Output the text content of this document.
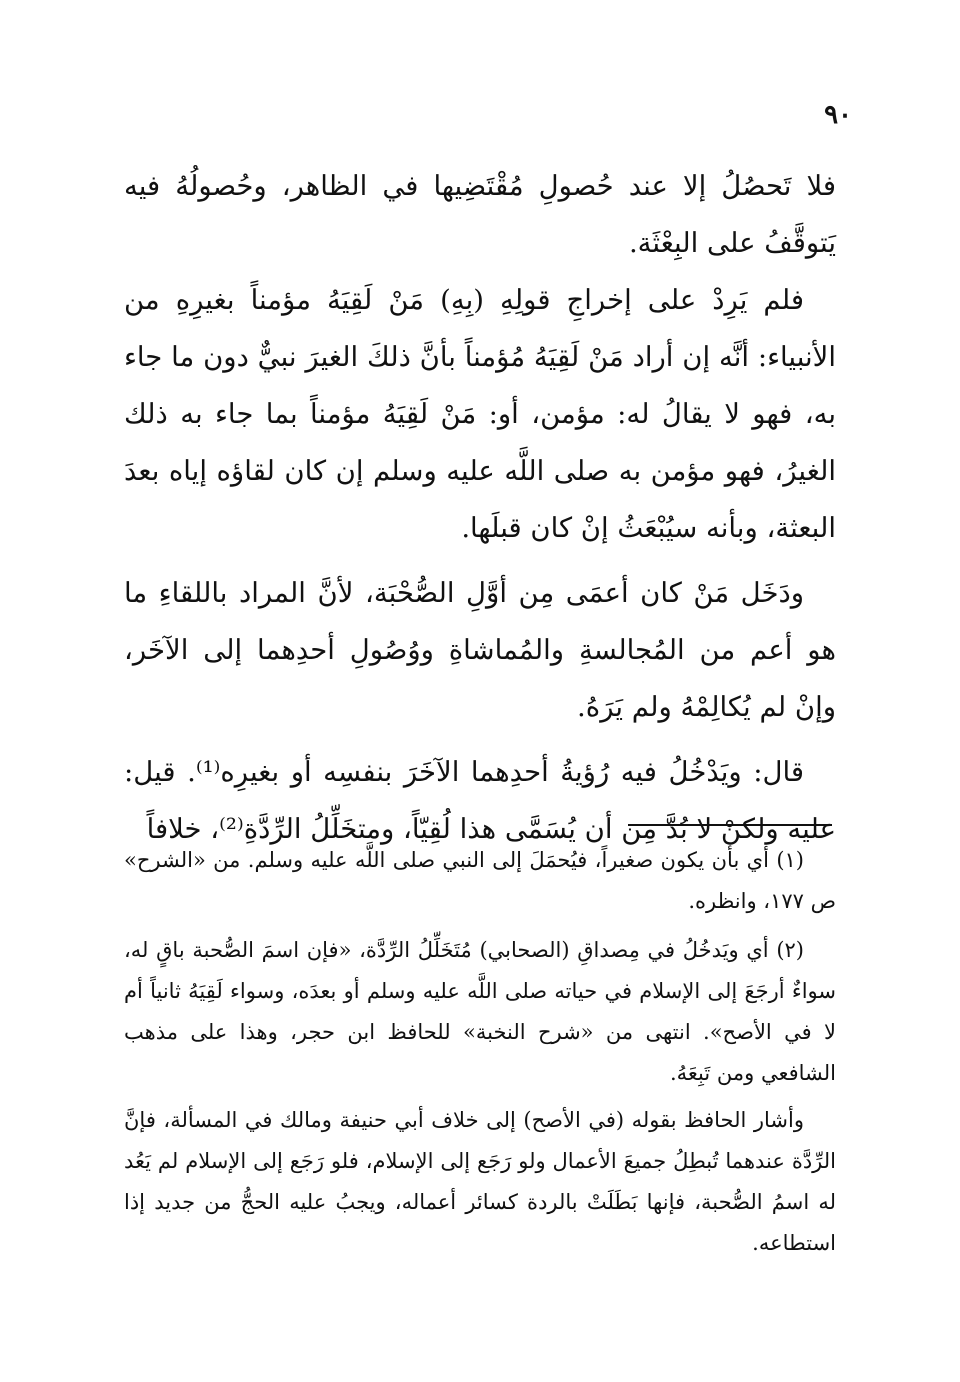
٩٠

فلا تَحصُلُ إلا عند حُصولِ مُقْتَضِيها في الظاهر، وحُصولُهُ فيه يَتوقَّفُ على البِعْثَة.

فلم يَرِدْ على إخراجِ قولِهِ (بِهِ) مَنْ لَقِيَهُ مؤمناً بغيرِهِ من الأنبياء: أنَّه إن أراد مَنْ لَقِيَهُ مُؤمناً بأنَّ ذلكَ الغيرَ نبيٌّ دون ما جاء به، فهو لا يقالُ له: مؤمن، أو: مَنْ لَقِيَهُ مؤمناً بما جاء به ذلك الغيرُ، فهو مؤمن به صلى اللَّه عليه وسلم إن كان لقاؤه إياه بعدَ البعثة، وبأنه سيُبْعَثُ إنْ كان قبلَها.

ودَخَل مَنْ كان أعمَى مِن أوَّلِ الصُّحْبَة، لأنَّ المراد باللقاءِ ما هو أعم من المُجالسةِ والمُماشاةِ ووُصُولِ أحدِهما إلى الآخَر، وإنْ لم يُكالِمْهُ ولم يَرَهُ.

قال: ويَدْخُلُ فيه رُؤيةُ أحدِهما الآخَرَ بنفسِه أو بغيرِه⁽¹⁾. قيل: عليه ولكنْ لا بُدَّ مِن أن يُسَمَّى هذا لُقِيّاً، ومتخَلِّلُ الرِّدَّةِ⁽²⁾، خلافاً

(١) أي بأن يكون صغيراً، فيُحمَلَ إلى النبي صلى اللَّه عليه وسلم. من «الشرح» ص ١٧٧، وانظره.

(٢) أي ويَدخُلُ في مِصداقِ (الصحابي) مُتَخَلِّلُ الرِّدَّة، «فإن اسمَ الصُّحبة باقٍ له، سواءٌ أرجَعَ إلى الإسلام في حياته صلى اللَّه عليه وسلم أو بعدَه، وسواء لَقِيَهُ ثانياً أم لا في الأصح». انتهى من «شرح النخبة» للحافظ ابن حجر، وهذا على مذهب الشافعي ومن تَبِعَهُ.

وأشار الحافظ بقوله (في الأصح) إلى خلاف أبي حنيفة ومالك في المسألة، فإنَّ الرِّدَّة عندهما تُبطِلُ جميعَ الأعمال ولو رَجَع إلى الإسلام، فلو رَجَع إلى الإسلام لم يَعُد له اسمُ الصُّحبة، فإنها بَطَلَتْ بالردة كسائر أعماله، ويجبُ عليه الحجُّ من جديد إذا استطاعه.
